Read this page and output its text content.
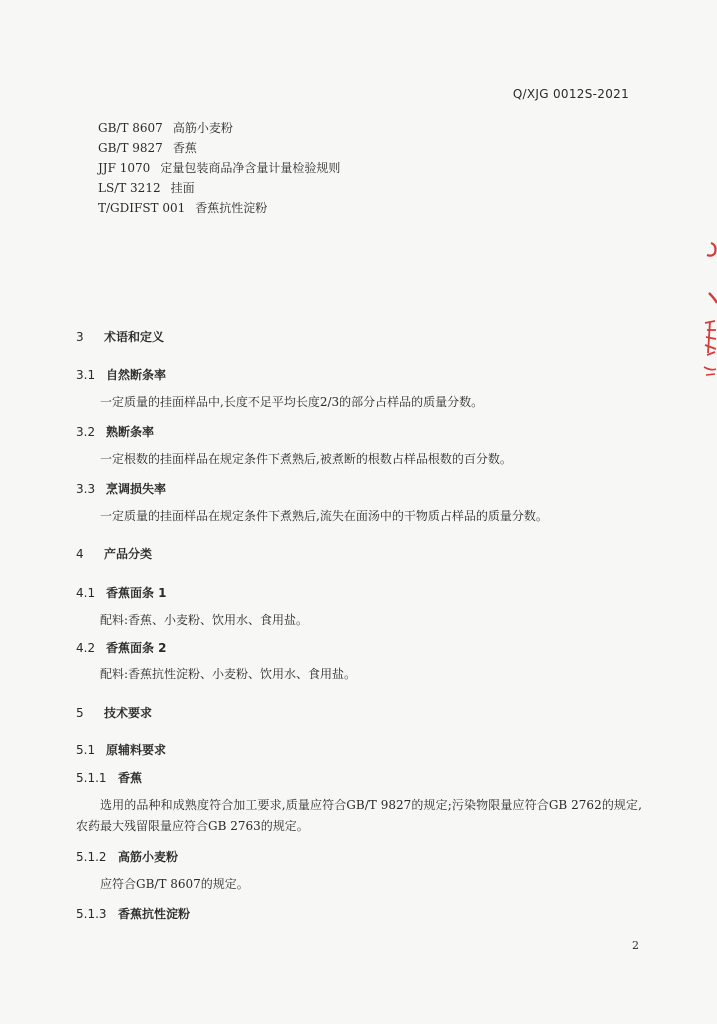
Q/XJG 0012S-2021
GB/T 8607 高筋小麦粉
GB/T 9827 香蕉
JJF 1070 定量包装商品净含量计量检验规则
LS/T 3212 挂面
T/GDIFST 001 香蕉抗性淀粉
3 术语和定义
3.1 自然断条率
一定质量的挂面样品中,长度不足平均长度2/3的部分占样品的质量分数。
3.2 熟断条率
一定根数的挂面样品在规定条件下煮熟后,被煮断的根数占样品根数的百分数。
3.3 烹调损失率
一定质量的挂面样品在规定条件下煮熟后,流失在面汤中的干物质占样品的质量分数。
4 产品分类
4.1 香蕉面条 1
配料:香蕉、小麦粉、饮用水、食用盐。
4.2 香蕉面条 2
配料:香蕉抗性淀粉、小麦粉、饮用水、食用盐。
5 技术要求
5.1 原辅料要求
5.1.1 香蕉
选用的品种和成熟度符合加工要求,质量应符合GB/T 9827的规定;污染物限量应符合GB 2762的规定,农药最大残留限量应符合GB 2763的规定。
5.1.2 高筋小麦粉
应符合GB/T 8607的规定。
5.1.3 香蕉抗性淀粉
2
